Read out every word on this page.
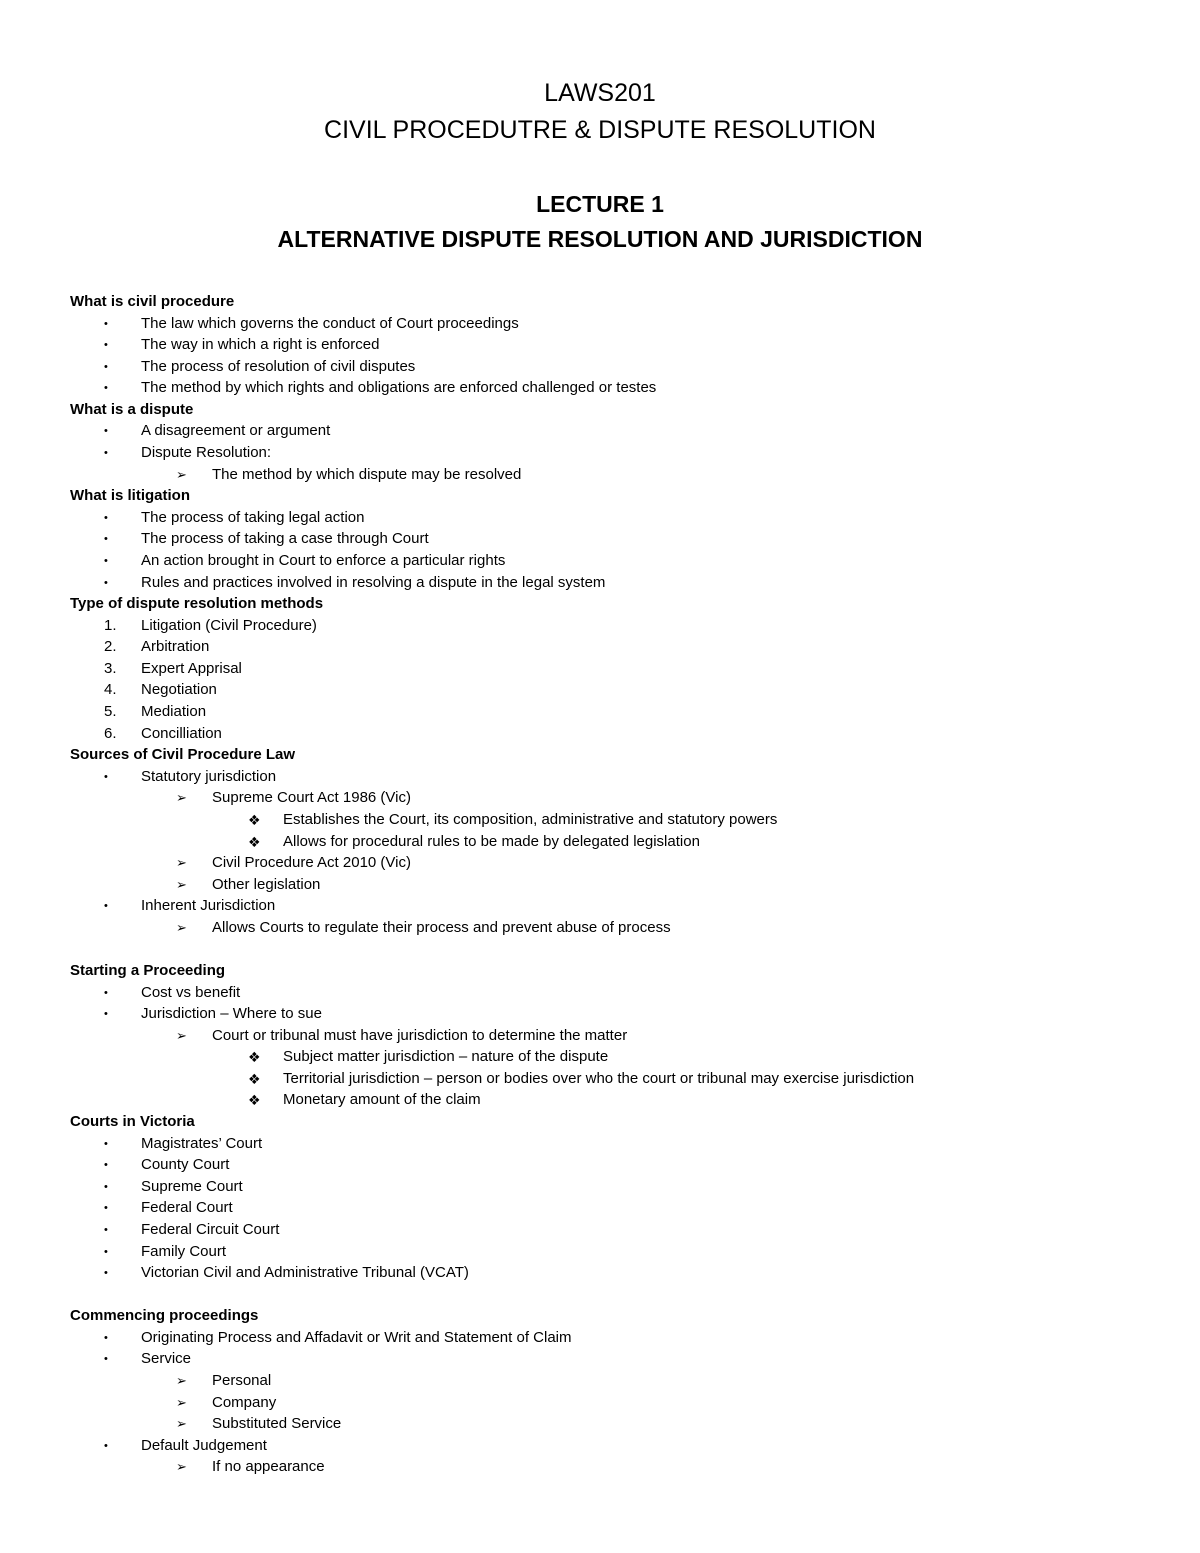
LAWS201
CIVIL PROCEDUTRE & DISPUTE RESOLUTION
LECTURE 1
ALTERNATIVE DISPUTE RESOLUTION AND JURISDICTION
What is civil procedure
•	The law which governs the conduct of Court proceedings
•	The way in which a right is enforced
•	The process of resolution of civil disputes
•	The method by which rights and obligations are enforced challenged or testes
What is a dispute
•	A disagreement or argument
•	Dispute Resolution:
➢ The method by which dispute may be resolved
What is litigation
•	The process of taking legal action
•	The process of taking a case through Court
•	An action brought in Court to enforce a particular rights
•	Rules and practices involved in resolving a dispute in the legal system
Type of dispute resolution methods
1.	Litigation (Civil Procedure)
2.	Arbitration
3.	Expert Apprisal
4.	Negotiation
5.	Mediation
6.	Concilliation
Sources of Civil Procedure Law
•	Statutory jurisdiction
➢ Supreme Court Act 1986 (Vic)
❖ Establishes the Court, its composition, administrative and statutory powers
❖ Allows for procedural rules to be made by delegated legislation
➢ Civil Procedure Act 2010 (Vic)
➢ Other legislation
•	Inherent Jurisdiction
➢ Allows Courts to regulate their process and prevent abuse of process
Starting a Proceeding
•	Cost vs benefit
•	Jurisdiction – Where to sue
➢ Court or tribunal must have jurisdiction to determine the matter
❖ Subject matter jurisdiction – nature of the dispute
❖ Territorial jurisdiction – person or bodies over who the court or tribunal may exercise jurisdiction
❖ Monetary amount of the claim
Courts in Victoria
•	Magistrates’ Court
•	County Court
•	Supreme Court
•	Federal Court
•	Federal Circuit Court
•	Family Court
•	Victorian Civil and Administrative Tribunal (VCAT)
Commencing proceedings
•	Originating Process and Affadavit or Writ and Statement of Claim
•	Service
➢ Personal
➢ Company
➢ Substituted Service
•	Default Judgement
➢ If no appearance
